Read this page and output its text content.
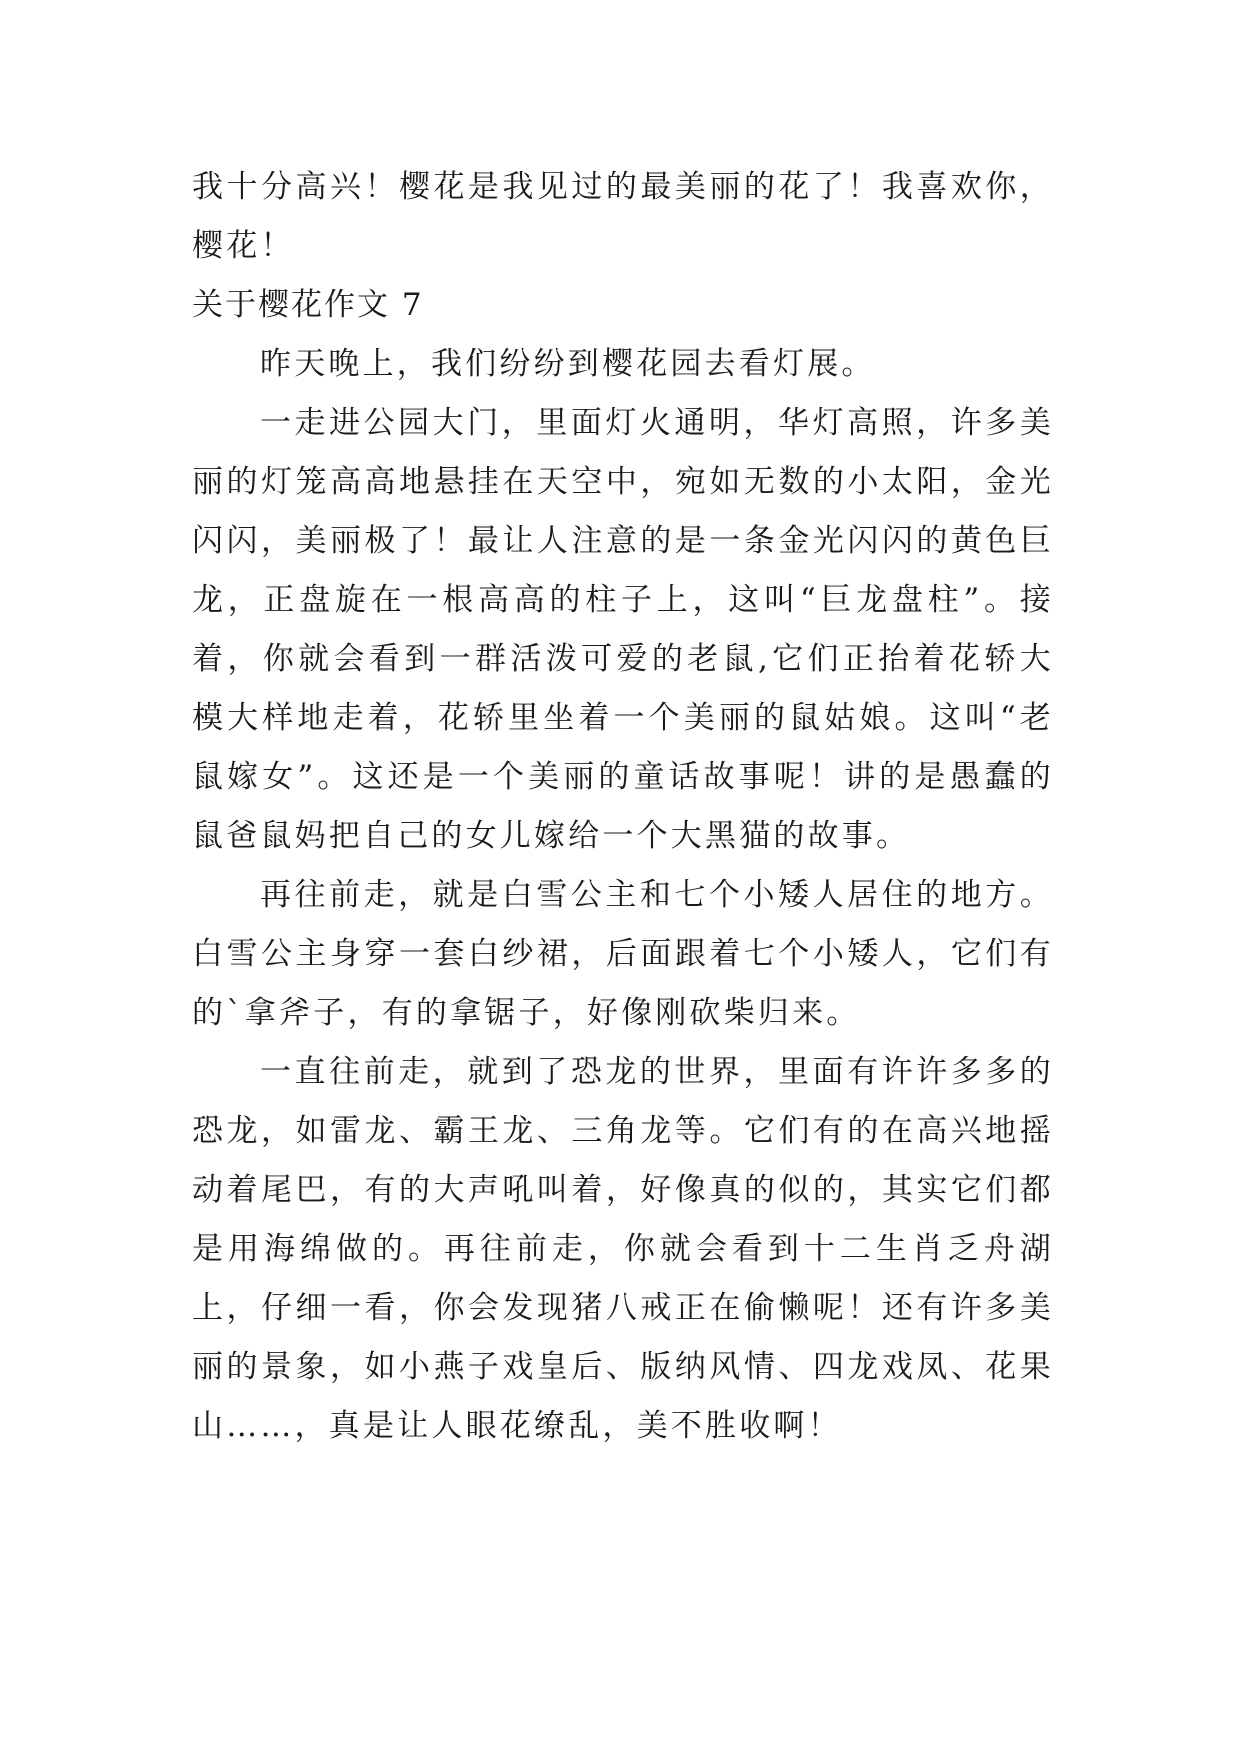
我十分高兴！樱花是我见过的最美丽的花了！我喜欢你，樱花！

关于樱花作文 7

昨天晚上，我们纷纷到樱花园去看灯展。

一走进公园大门，里面灯火通明，华灯高照，许多美丽的灯笼高高地悬挂在天空中，宛如无数的小太阳，金光闪闪，美丽极了！最让人注意的是一条金光闪闪的黄色巨龙，正盘旋在一根高高的柱子上，这叫“巨龙盘柱”。接着，你就会看到一群活泼可爱的老鼠,它们正抬着花轿大模大样地走着，花轿里坐着一个美丽的鼠姑娘。这叫“老鼠嫁女”。这还是一个美丽的童话故事呢！讲的是愚蠢的鼠爸鼠妈把自己的女儿嫁给一个大黑猫的故事。

再往前走，就是白雪公主和七个小矮人居住的地方。白雪公主身穿一套白纱裙，后面跟着七个小矮人，它们有的`拿斧子，有的拿锯子，好像刚砍柴归来。

一直往前走，就到了恐龙的世界，里面有许许多多的恐龙，如雷龙、霸王龙、三角龙等。它们有的在高兴地摇动着尾巴，有的大声吼叫着，好像真的似的，其实它们都是用海绵做的。再往前走，你就会看到十二生肖乏舟湖上，仔细一看，你会发现猪八戒正在偷懒呢！还有许多美丽的景象，如小燕子戏皇后、版纳风情、四龙戏凤、花果山……，真是让人眼花缭乱，美不胜收啊！
